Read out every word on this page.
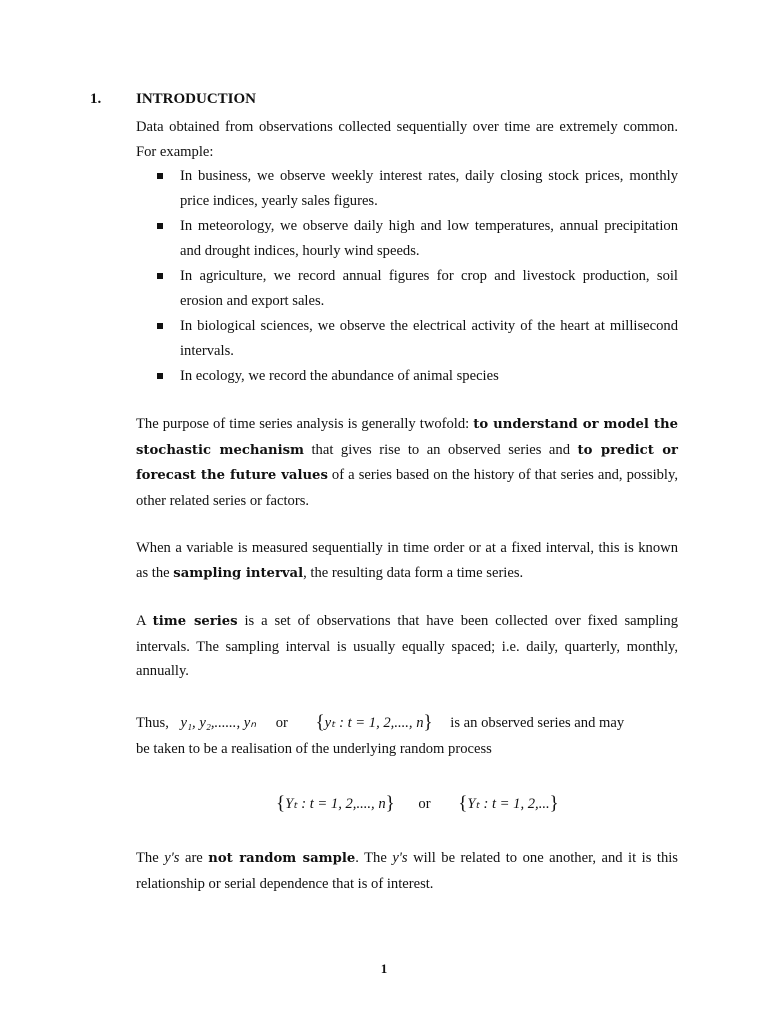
1. INTRODUCTION
Data obtained from observations collected sequentially over time are extremely common. For example:
In business, we observe weekly interest rates, daily closing stock prices, monthly price indices, yearly sales figures.
In meteorology, we observe daily high and low temperatures, annual precipitation and drought indices, hourly wind speeds.
In agriculture, we record annual figures for crop and livestock production, soil erosion and export sales.
In biological sciences, we observe the electrical activity of the heart at millisecond intervals.
In ecology, we record the abundance of animal species
The purpose of time series analysis is generally twofold: to understand or model the stochastic mechanism that gives rise to an observed series and to predict or forecast the future values of a series based on the history of that series and, possibly, other related series or factors.
When a variable is measured sequentially in time order or at a fixed interval, this is known as the sampling interval, the resulting data form a time series.
A time series is a set of observations that have been collected over fixed sampling intervals. The sampling interval is usually equally spaced; i.e. daily, quarterly, monthly, annually.
Thus, y₁, y₂,......, yₙ or {yₜ : t = 1, 2,...., n} is an observed series and may
be taken to be a realisation of the underlying random process
{Yₜ : t = 1, 2,...., n} or {Yₜ : t = 1, 2,...}
The y's are not random sample. The y's will be related to one another, and it is this relationship or serial dependence that is of interest.
1
